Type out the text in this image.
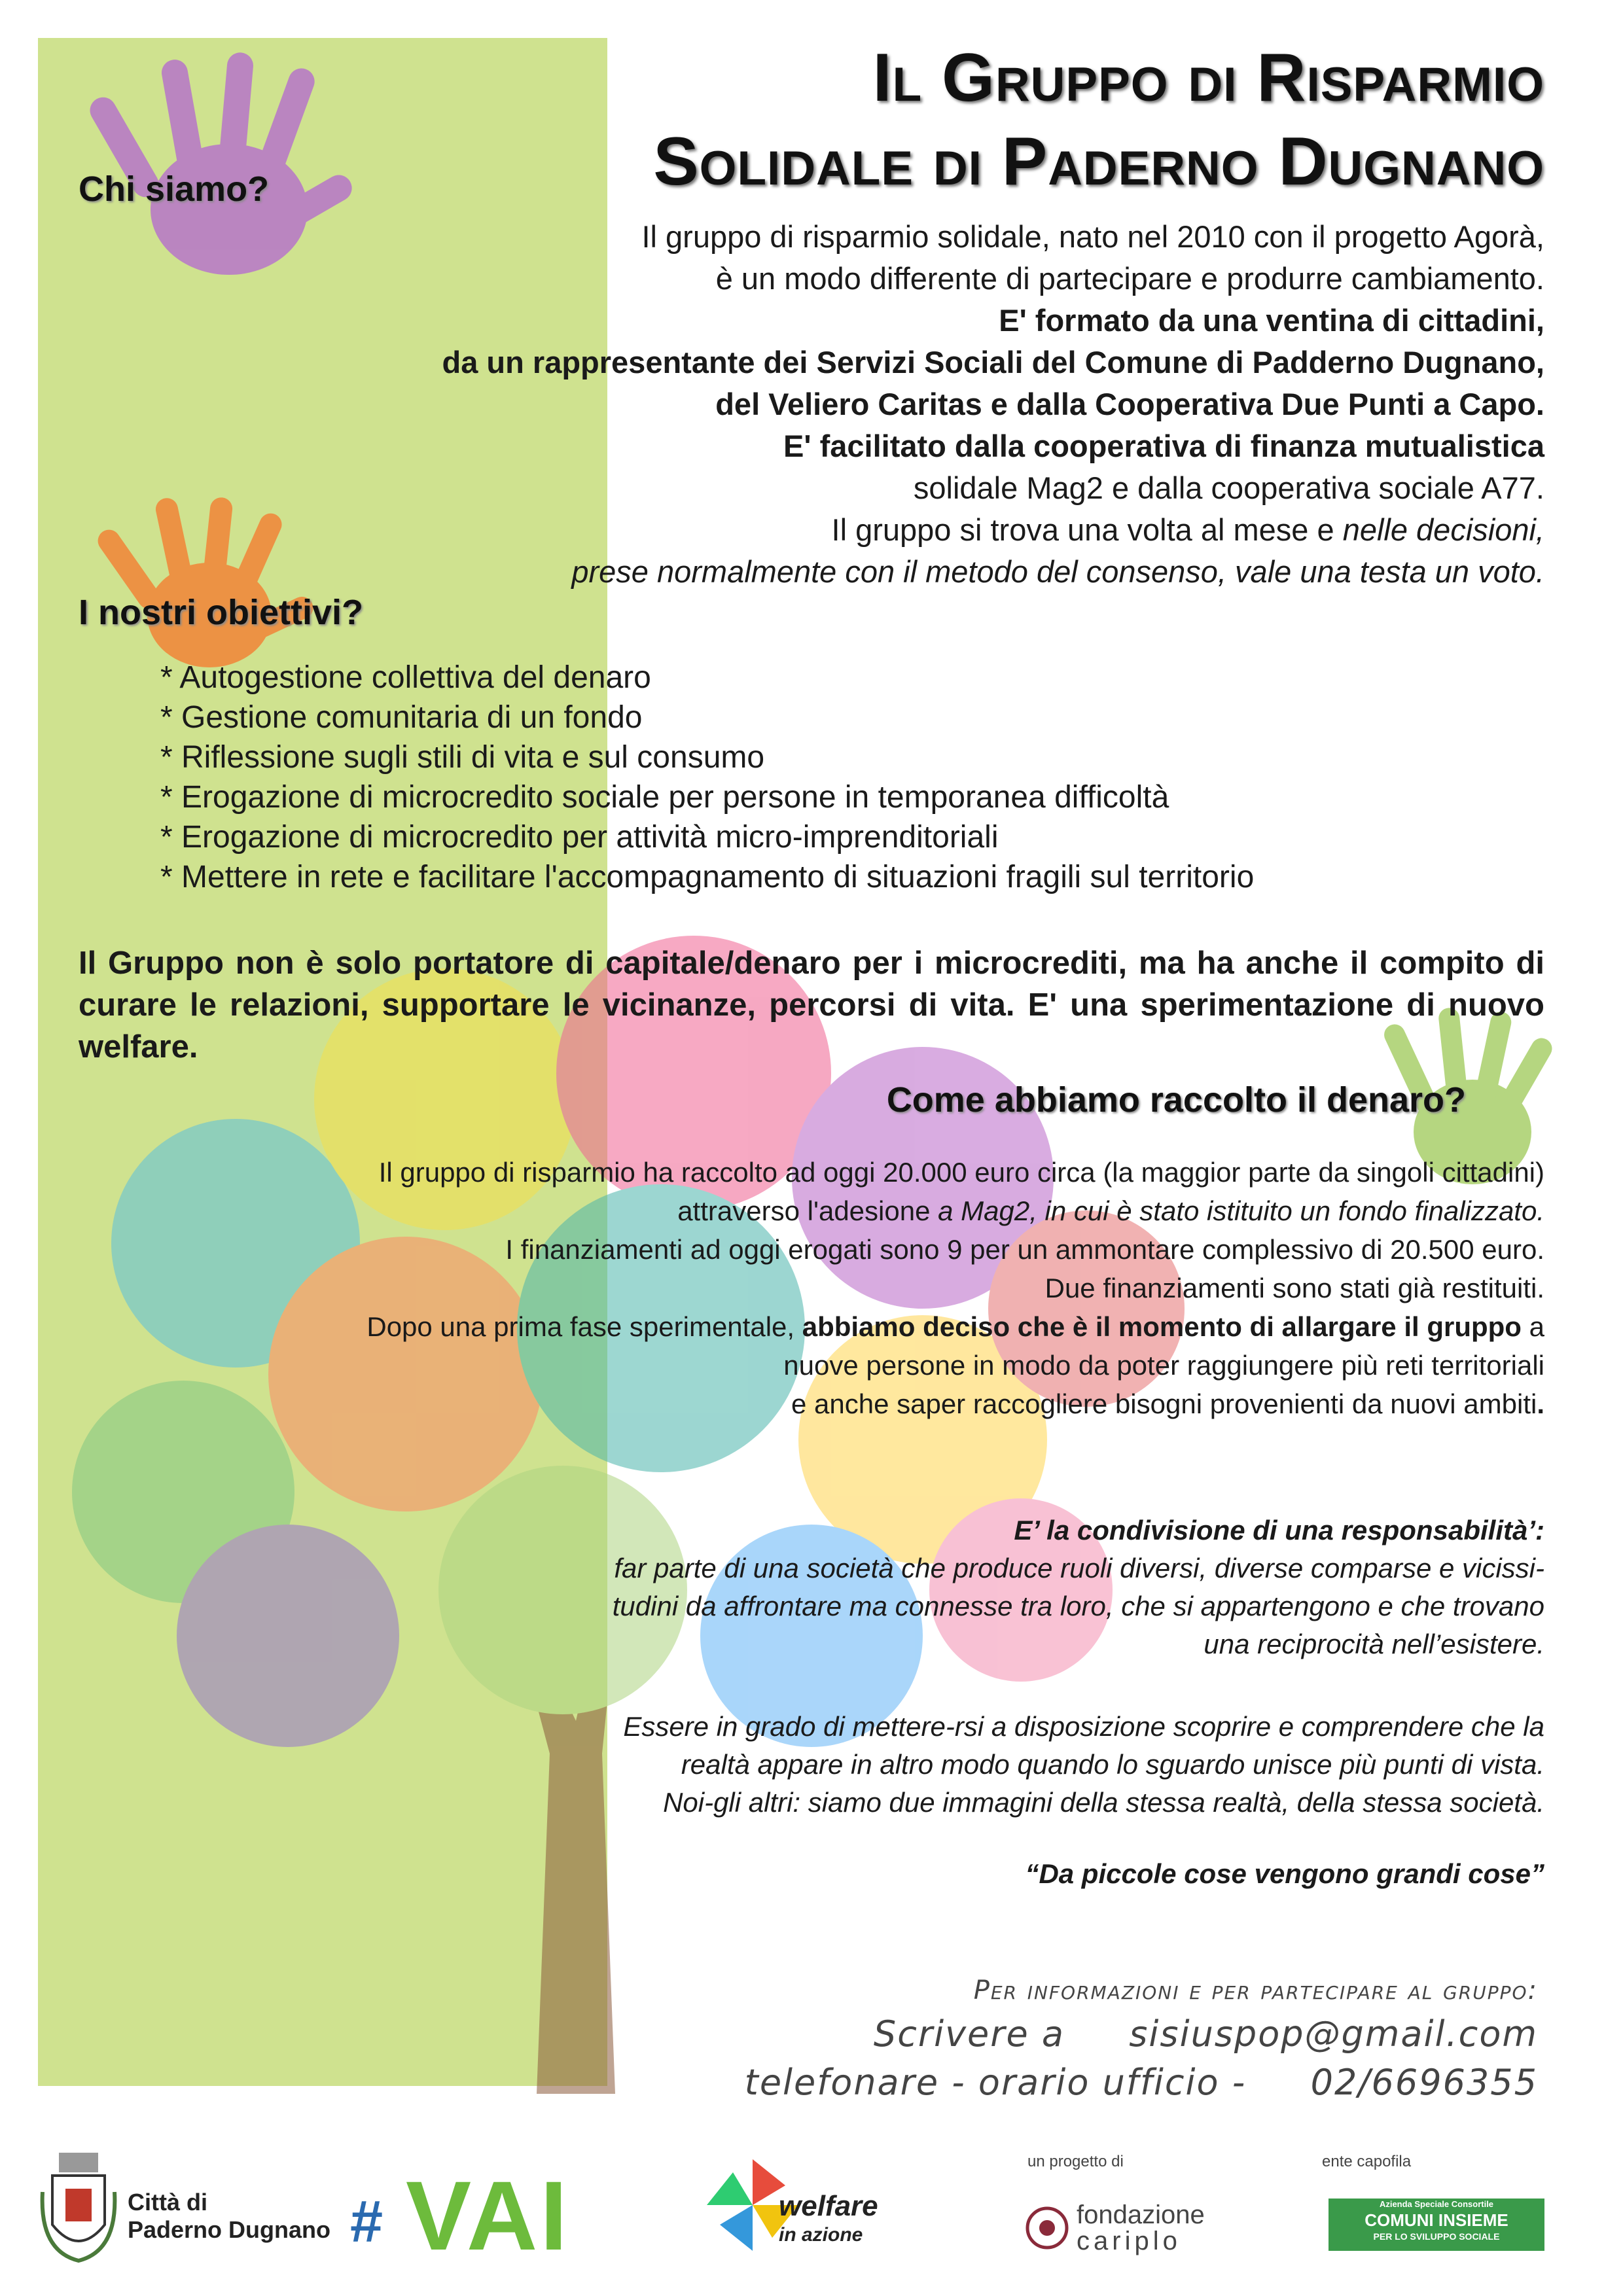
Il Gruppo di Risparmio
Solidale di Paderno Dugnano
Chi siamo?
Il gruppo di risparmio solidale, nato nel 2010 con il progetto Agorà,
è un modo differente di partecipare e produrre cambiamento.
E' formato da una ventina di cittadini,
da un rappresentante dei Servizi Sociali del Comune di Padderno Dugnano,
del Veliero Caritas e dalla Cooperativa Due Punti a Capo.
E' facilitato dalla cooperativa di finanza mutualistica
solidale Mag2 e dalla cooperativa sociale A77.
Il gruppo si trova una volta al mese e nelle decisioni,
prese normalmente con il metodo del consenso, vale una testa un voto.
I nostri obiettivi?
* Autogestione collettiva del denaro
* Gestione comunitaria di un fondo
* Riflessione sugli stili di vita e sul consumo
* Erogazione di microcredito sociale per persone in temporanea difficoltà
* Erogazione di microcredito per attività micro-imprenditoriali
* Mettere in rete e facilitare l'accompagnamento di situazioni fragili sul territorio
Il Gruppo non è solo portatore di capitale/denaro per i microcrediti, ma ha anche il compito di curare le relazioni, supportare le vicinanze, percorsi di vita. E' una sperimentazione di nuovo welfare.
Come abbiamo raccolto il denaro?
Il gruppo di risparmio ha raccolto ad oggi 20.000 euro circa (la maggior parte da singoli cittadini)
attraverso l'adesione a Mag2, in cui è stato istituito un fondo finalizzato.
I finanziamenti ad oggi erogati sono 9 per un ammontare complessivo di 20.500 euro.
Due finanziamenti sono stati già restituiti.
Dopo una prima fase sperimentale, abbiamo deciso che è il momento di allargare il gruppo a
nuove persone in modo da poter raggiungere più reti territoriali
e anche saper raccogliere bisogni provenienti da nuovi ambiti.
E’ la condivisione di una responsabilità’:
far parte di una società che produce ruoli diversi, diverse comparse e vicissi-
tudini da affrontare ma connesse tra loro, che si appartengono e che trovano
una reciprocità nell’esistere.
Essere in grado di mettere-rsi a disposizione scoprire e comprendere che la
realtà appare in altro modo quando lo sguardo unisce più punti di vista.
Noi-gli altri: siamo due immagini della stessa realtà, della stessa società.
“Da piccole cose vengono grandi cose”
Per informazioni e per partecipare al gruppo:
Scrivere a sisiuspop@gmail.com
telefonare - orario ufficio - 02/6696355
Città di
Paderno Dugnano # VAI	welfare
in azione
un progetto di
fondazione
cariplo
ente capofila
Azienda Speciale Consortile
COMUNI INSIEME
PER LO SVILUPPO SOCIALE
